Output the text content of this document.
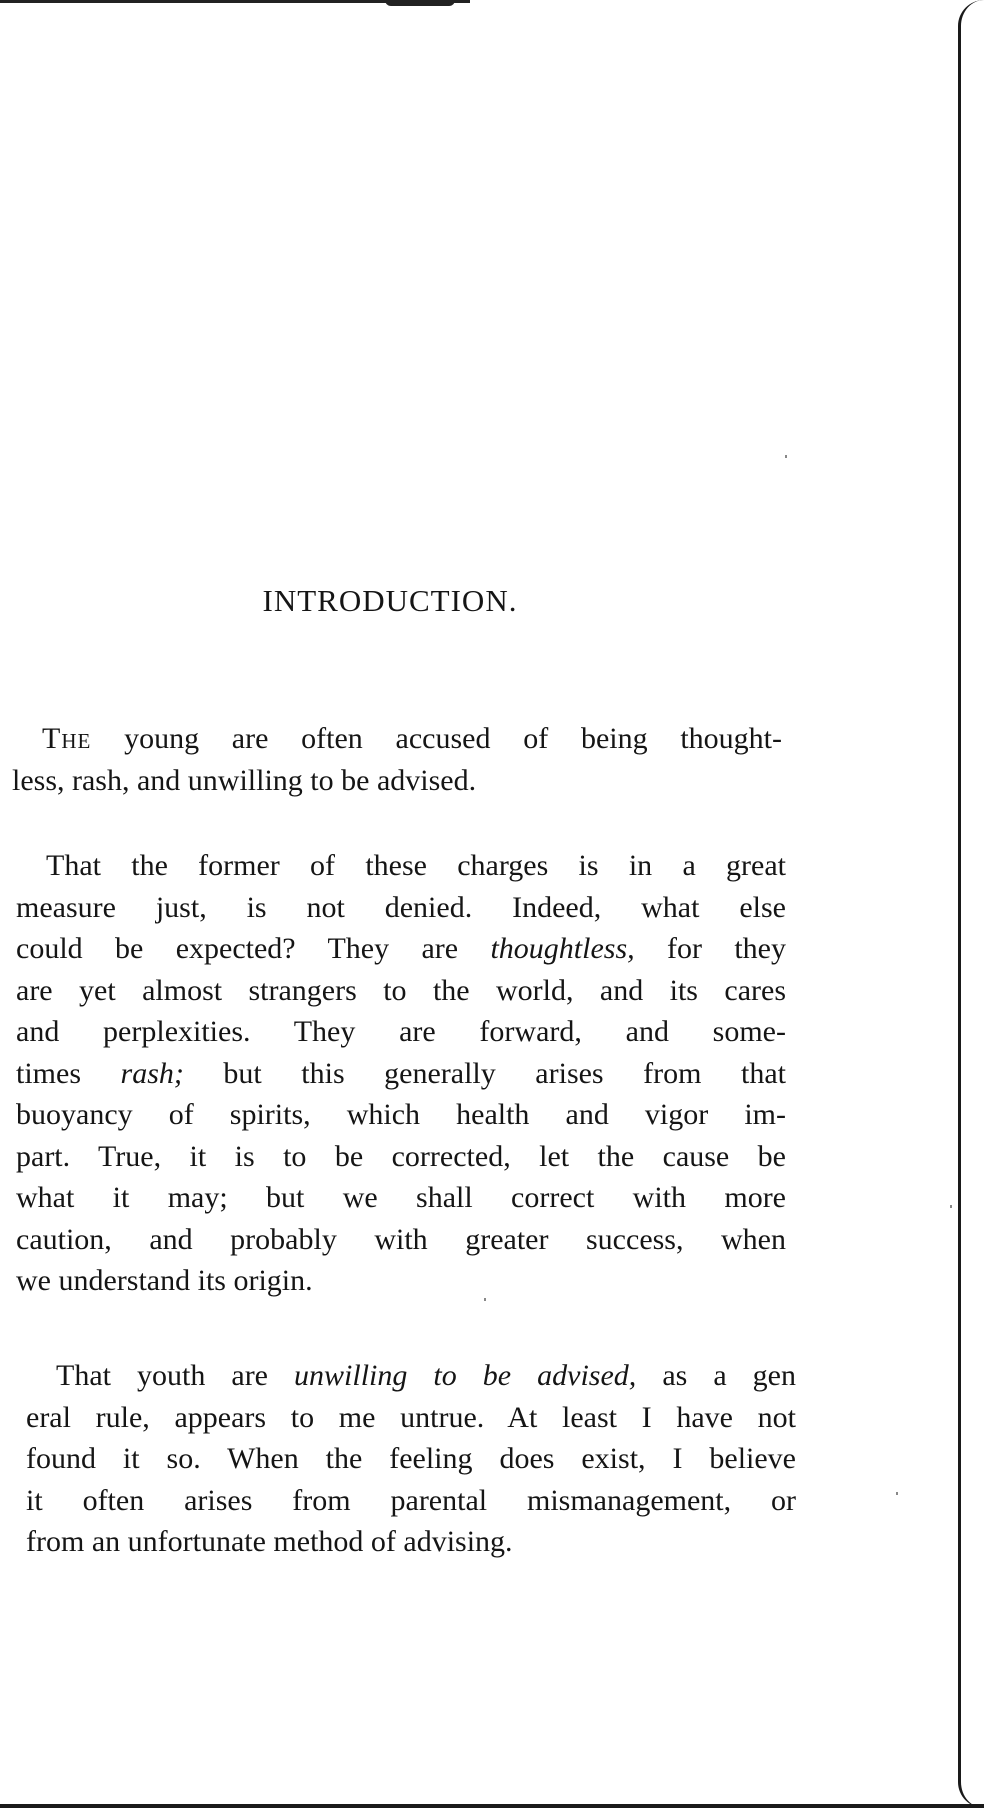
INTRODUCTION.

 The young are often accused of being thought-
less, rash, and unwilling to be advised.

 That the former of these charges is in a great
measure just, is not denied. Indeed, what else
could be expected? They are thoughtless, for they
are yet almost strangers to the world, and its cares
and perplexities. They are forward, and some-
times rash; but this generally arises from that
buoyancy of spirits, which health and vigor im-
part. True, it is to be corrected, let the cause be
what it may; but we shall correct with more
caution, and probably with greater success, when
we understand its origin.

 That youth are unwilling to be advised, as a gen
eral rule, appears to me untrue. At least I have not
found it so. When the feeling does exist, I believe
it often arises from parental mismanagement, or
from an unfortunate method of advising.
